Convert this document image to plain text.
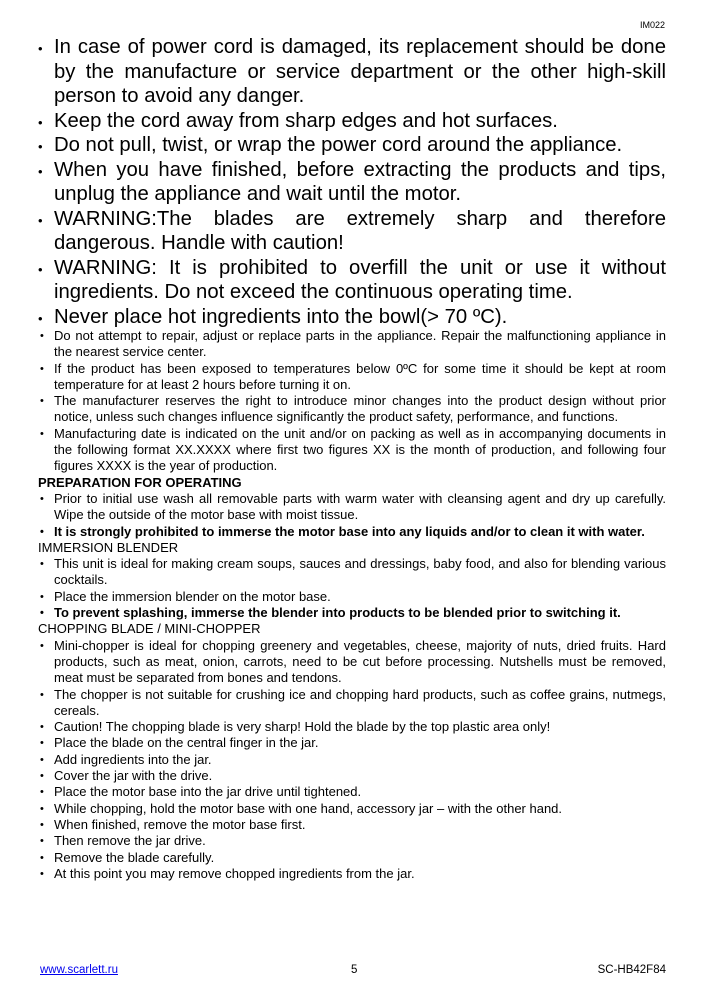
IM022
• In case of power cord is damaged, its replacement should be done by the manufacture or service department or the other high-skill person to avoid any danger.
• Keep the cord away from sharp edges and hot surfaces.
• Do not pull, twist, or wrap the power cord around the appliance.
• When you have finished, before extracting the products and tips, unplug the appliance and wait until the motor.
• WARNING:The blades are extremely sharp and therefore dangerous. Handle with caution!
• WARNING: It is prohibited to overfill the unit or use it without ingredients. Do not exceed the continuous operating time.
• Never place hot ingredients into the bowl(> 70 ºC).
• Do not attempt to repair, adjust or replace parts in the appliance. Repair the malfunctioning appliance in the nearest service center.
• If the product has been exposed to temperatures below 0ºC for some time it should be kept at room temperature for at least 2 hours before turning it on.
• The manufacturer reserves the right to introduce minor changes into the product design without prior notice, unless such changes influence significantly the product safety, performance, and functions.
• Manufacturing date is indicated on the unit and/or on packing as well as in accompanying documents in the following format XX.XXXX where first two figures XX is the month of production, and following four figures XXXX is the year of production.
PREPARATION FOR OPERATING
• Prior to initial use wash all removable parts with warm water with cleansing agent and dry up carefully. Wipe the outside of the motor base with moist tissue.
• It is strongly prohibited to immerse the motor base into any liquids and/or to clean it with water.
IMMERSION BLENDER
• This unit is ideal for making cream soups, sauces and dressings, baby food, and also for blending various cocktails.
• Place the immersion blender on the motor base.
• To prevent splashing, immerse the blender into products to be blended prior to switching it.
CHOPPING BLADE / MINI-CHOPPER
• Mini-chopper is ideal for chopping greenery and vegetables, cheese, majority of nuts, dried fruits. Hard products, such as meat, onion, carrots, need to be cut before processing. Nutshells must be removed, meat must be separated from bones and tendons.
• The chopper is not suitable for crushing ice and chopping hard products, such as coffee grains, nutmegs, cereals.
• Caution! The chopping blade is very sharp! Hold the blade by the top plastic area only!
• Place the blade on the central finger in the jar.
• Add ingredients into the jar.
• Cover the jar with the drive.
• Place the motor base into the jar drive until tightened.
• While chopping, hold the motor base with one hand, accessory jar – with the other hand.
• When finished, remove the motor base first.
• Then remove the jar drive.
• Remove the blade carefully.
• At this point you may remove chopped ingredients from the jar.
www.scarlett.ru	5	SC-HB42F84
